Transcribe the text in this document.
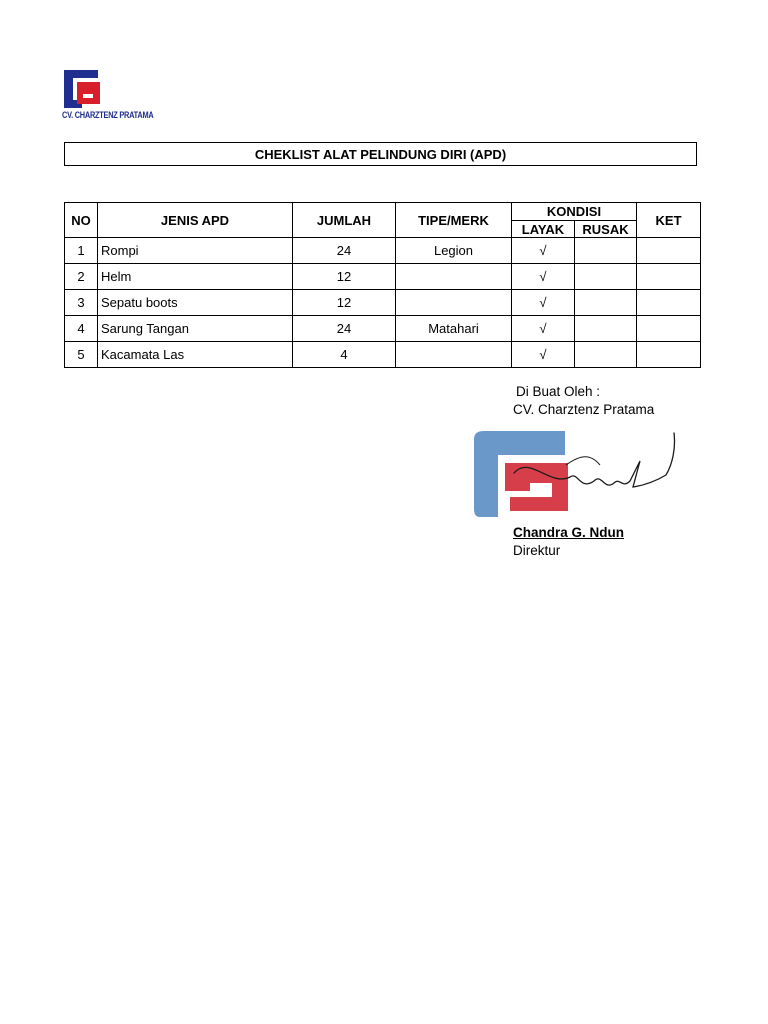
CV. CHARZTENZ PRATAMA
CHEKLIST ALAT PELINDUNG DIRI (APD)
NO	JENIS APD	JUMLAH	TIPE/MERK	KONDISI		KET
				LAYAK	RUSAK	
1	Rompi	24	Legion	√		
2	Helm	12		√		
3	Sepatu boots	12		√		
4	Sarung Tangan	24	Matahari	√		
5	Kacamata Las	4		√		
Di Buat Oleh :
CV. Charztenz Pratama
Chandra G. Ndun
Direktur
